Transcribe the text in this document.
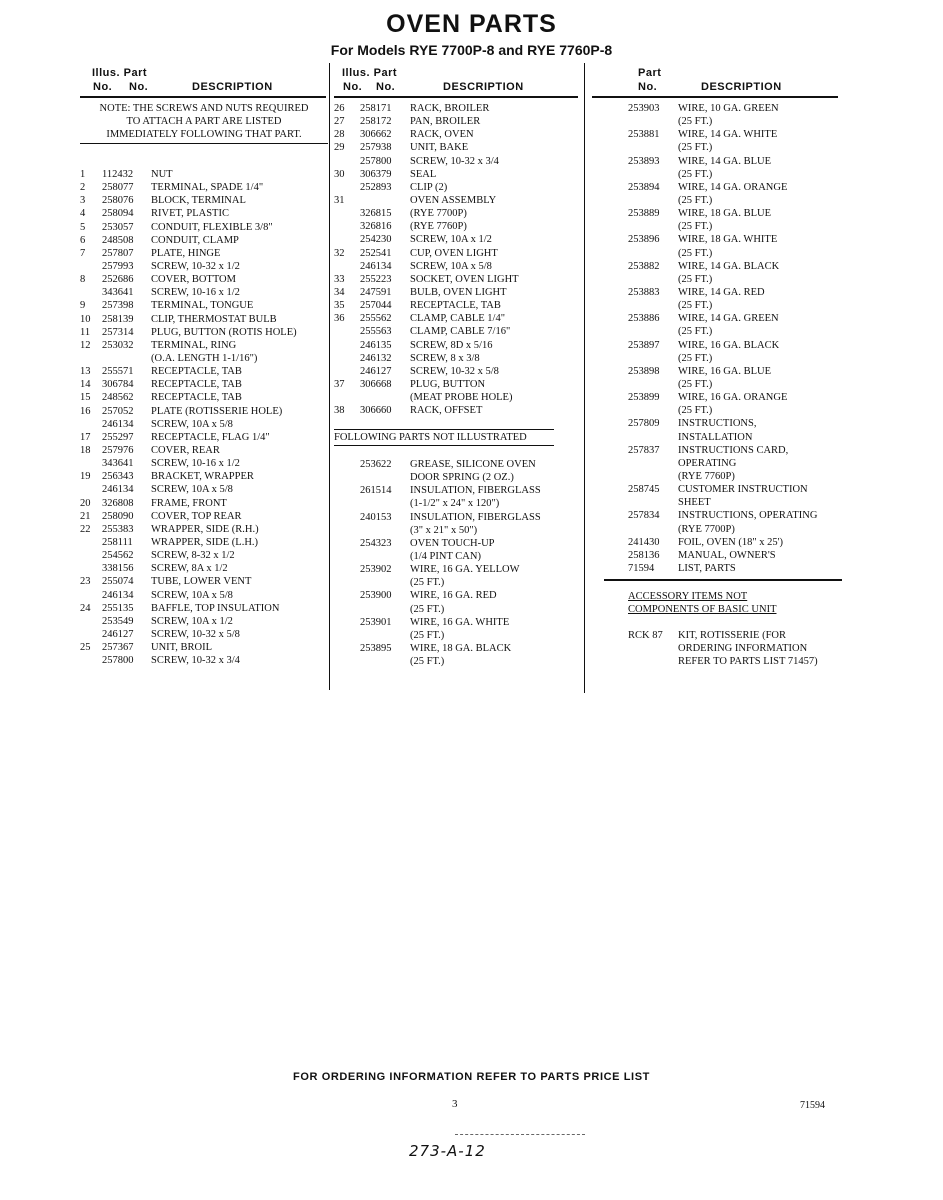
OVEN PARTS
For Models RYE 7700P-8 and RYE 7760P-8
Illus. Part
No. No.	DESCRIPTION
Illus. Part
No. No.	DESCRIPTION
Part
No.	DESCRIPTION
NOTE: THE SCREWS AND NUTS REQUIRED
TO ATTACH A PART ARE LISTED
IMMEDIATELY FOLLOWING THAT PART.
1 112432 NUT
2 258077 TERMINAL, SPADE 1/4"
3 258076 BLOCK, TERMINAL
4 258094 RIVET, PLASTIC
5 253057 CONDUIT, FLEXIBLE 3/8"
6 248508 CONDUIT, CLAMP
7 257807 PLATE, HINGE
257993 SCREW, 10-32 x 1/2
8 252686 COVER, BOTTOM
343641 SCREW, 10-16 x 1/2
9 257398 TERMINAL, TONGUE
10 258139 CLIP, THERMOSTAT BULB
11 257314 PLUG, BUTTON (ROTIS HOLE)
12 253032 TERMINAL, RING
(O.A. LENGTH 1-1/16")
13 255571 RECEPTACLE, TAB
14 306784 RECEPTACLE, TAB
15 248562 RECEPTACLE, TAB
16 257052 PLATE (ROTISSERIE HOLE)
246134 SCREW, 10A x 5/8
17 255297 RECEPTACLE, FLAG 1/4"
18 257976 COVER, REAR
343641 SCREW, 10-16 x 1/2
19 256343 BRACKET, WRAPPER
246134 SCREW, 10A x 5/8
20 326808 FRAME, FRONT
21 258090 COVER, TOP REAR
22 255383 WRAPPER, SIDE (R.H.)
258111 WRAPPER, SIDE (L.H.)
254562 SCREW, 8-32 x 1/2
338156 SCREW, 8A x 1/2
23 255074 TUBE, LOWER VENT
246134 SCREW, 10A x 5/8
24 255135 BAFFLE, TOP INSULATION
253549 SCREW, 10A x 1/2
246127 SCREW, 10-32 x 5/8
25 257367 UNIT, BROIL
257800 SCREW, 10-32 x 3/4
26 258171 RACK, BROILER
27 258172 PAN, BROILER
28 306662 RACK, OVEN
29 257938 UNIT, BAKE
257800 SCREW, 10-32 x 3/4
30 306379 SEAL
252893 CLIP (2)
31	OVEN ASSEMBLY
326815 (RYE 7700P)
326816 (RYE 7760P)
254230 SCREW, 10A x 1/2
32 252541 CUP, OVEN LIGHT
246134 SCREW, 10A x 5/8
33 255223 SOCKET, OVEN LIGHT
34 247591 BULB, OVEN LIGHT
35 257044 RECEPTACLE, TAB
36 255562 CLAMP, CABLE 1/4"
255563 CLAMP, CABLE 7/16"
246135 SCREW, 8D x 5/16
246132 SCREW, 8 x 3/8
246127 SCREW, 10-32 x 5/8
37 306668 PLUG, BUTTON
(MEAT PROBE HOLE)
38 306660 RACK, OFFSET
FOLLOWING PARTS NOT ILLUSTRATED
253622 GREASE, SILICONE OVEN
DOOR SPRING (2 OZ.)
261514 INSULATION, FIBERGLASS
(1-1/2" x 24" x 120")
240153 INSULATION, FIBERGLASS
(3" x 21" x 50")
254323 OVEN TOUCH-UP
(1/4 PINT CAN)
253902 WIRE, 16 GA. YELLOW
(25 FT.)
253900 WIRE, 16 GA. RED
(25 FT.)
253901 WIRE, 16 GA. WHITE
(25 FT.)
253895 WIRE, 18 GA. BLACK
(25 FT.)
253903 WIRE, 10 GA. GREEN
(25 FT.)
253881 WIRE, 14 GA. WHITE
(25 FT.)
253893 WIRE, 14 GA. BLUE
(25 FT.)
253894 WIRE, 14 GA. ORANGE
(25 FT.)
253889 WIRE, 18 GA. BLUE
(25 FT.)
253896 WIRE, 18 GA. WHITE
(25 FT.)
253882 WIRE, 14 GA. BLACK
(25 FT.)
253883 WIRE, 14 GA. RED
(25 FT.)
253886 WIRE, 14 GA. GREEN
(25 FT.)
253897 WIRE, 16 GA. BLACK
(25 FT.)
253898 WIRE, 16 GA. BLUE
(25 FT.)
253899 WIRE, 16 GA. ORANGE
(25 FT.)
257809 INSTRUCTIONS,
INSTALLATION
257837 INSTRUCTIONS CARD,
OPERATING
(RYE 7760P)
258745 CUSTOMER INSTRUCTION
SHEET
257834 INSTRUCTIONS, OPERATING
(RYE 7700P)
241430 FOIL, OVEN (18" x 25')
258136 MANUAL, OWNER'S
71594 LIST, PARTS
ACCESSORY ITEMS NOT
COMPONENTS OF BASIC UNIT
RCK 87 KIT, ROTISSERIE (FOR
ORDERING INFORMATION
REFER TO PARTS LIST 71457)
FOR ORDERING INFORMATION REFER TO PARTS PRICE LIST
3	71594
273-A-12
